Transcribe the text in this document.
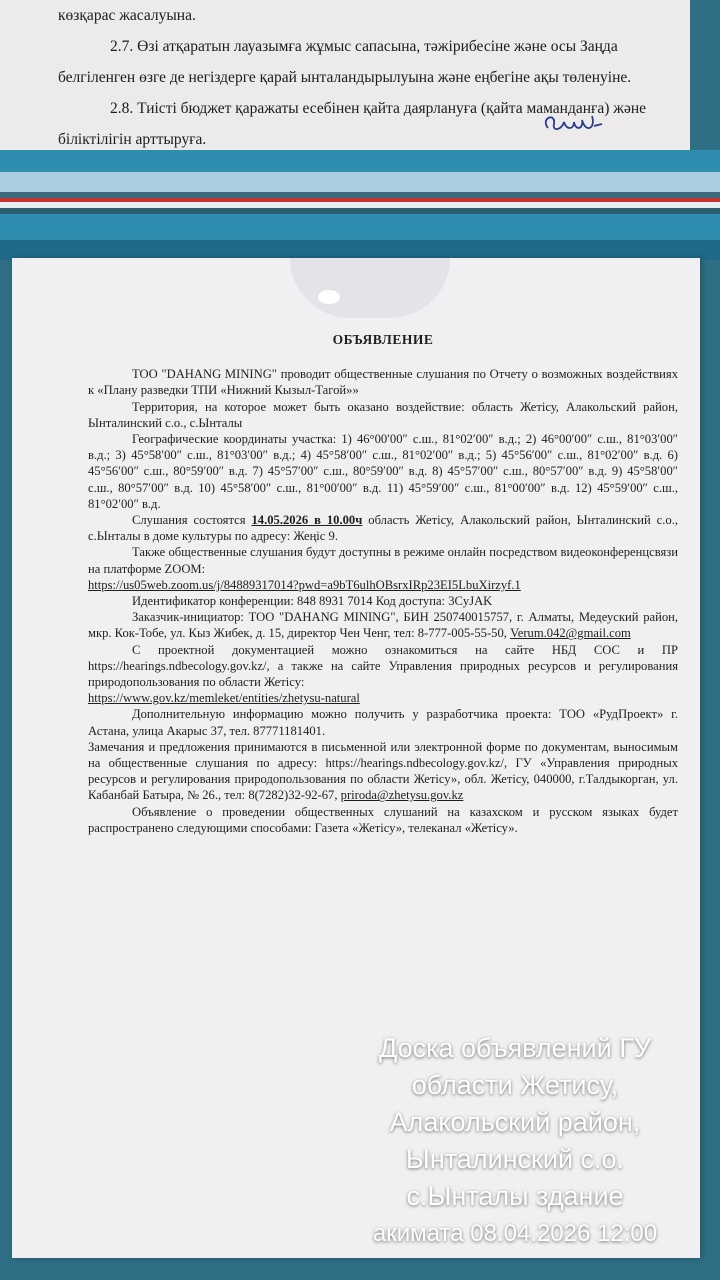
көзқарас жасалуына.

2.7. Өзі атқаратын лауазымға жұмыс сапасына, тәжірибесіне және осы Заңда белгіленген өзге де негіздерге қарай ынталандырылуына және еңбегіне ақы төленуіне.

2.8. Тиісті бюджет қаражаты есебінен қайта даярлануға (қайта маманданға) және біліктілігін арттыруға.

ОБЪЯВЛЕНИЕ

ТОО "DAHANG MINING" проводит общественные слушания по Отчету о возможных воздействиях к «Плану разведки ТПИ «Нижний Кызыл-Тагой»»

Территория, на которое может быть оказано воздействие: область Жетісу, Алакольский район, Ынталинский с.о., с.Ынталы

Географические координаты участка: 1) 46°00′00″ с.ш., 81°02′00″ в.д.; 2) 46°00′00″ с.ш., 81°03′00″ в.д.; 3) 45°58′00″ с.ш., 81°03′00″ в.д.; 4) 45°58′00″ с.ш., 81°02′00″ в.д.; 5) 45°56′00″ с.ш., 81°02′00″ в.д. 6) 45°56′00″ с.ш., 80°59′00″ в.д. 7) 45°57′00″ с.ш., 80°59′00″ в.д. 8) 45°57′00″ с.ш., 80°57′00″ в.д. 9) 45°58′00″ с.ш., 80°57′00″ в.д. 10) 45°58′00″ с.ш., 81°00′00″ в.д. 11) 45°59′00″ с.ш., 81°00′00″ в.д. 12) 45°59′00″ с.ш., 81°02′00″ в.д.

Слушания состоятся 14.05.2026 в 10.00ч область Жетісу, Алакольский район, Ынталинский с.о., с.Ынталы в доме культуры по адресу: Жеңіс 9.

Также общественные слушания будут доступны в режиме онлайн посредством видеоконференцсвязи на платформе ZOOM:

https://us05web.zoom.us/j/84889317014?pwd=a9bT6ulhOBsrxIRp23EI5LbuXirzyf.1

Идентификатор конференции: 848 8931 7014 Код доступа: 3CyJAK

Заказчик-инициатор: ТОО "DAHANG MINING", БИН 250740015757, г. Алматы, Медеуский район, мкр. Кок-Тобе, ул. Кыз Жибек, д. 15, директор Чен Ченг, тел: 8-777-005-55-50, Verum.042@gmail.com

С проектной документацией можно ознакомиться на сайте НБД СОС и ПР https://hearings.ndbecology.gov.kz/, а также на сайте Управления природных ресурсов и регулирования природопользования по области Жетісу:

https://www.gov.kz/memleket/entities/zhetysu-natural

Дополнительную информацию можно получить у разработчика проекта: ТОО «РудПроект» г. Астана, улица Акарыс 37, тел. 87771181401.

Замечания и предложения принимаются в письменной или электронной форме по документам, выносимым на общественные слушания по адресу: https://hearings.ndbecology.gov.kz/, ГУ «Управления природных ресурсов и регулирования природопользования по области Жетісу», обл. Жетісу, 040000, г.Талдыкорган, ул. Кабанбай Батыра, № 26., тел: 8(7282)32-92-67, priroda@zhetysu.gov.kz

Объявление о проведении общественных слушаний на казахском и русском языках будет распространено следующими способами: Газета «Жетісу», телеканал «Жетісу».

Доска объявлений ГУ
области Жетису,
Алакольский район,
Ынталинский с.о.
с.Ынталы здание
акимата 08.04.2026 12:00
